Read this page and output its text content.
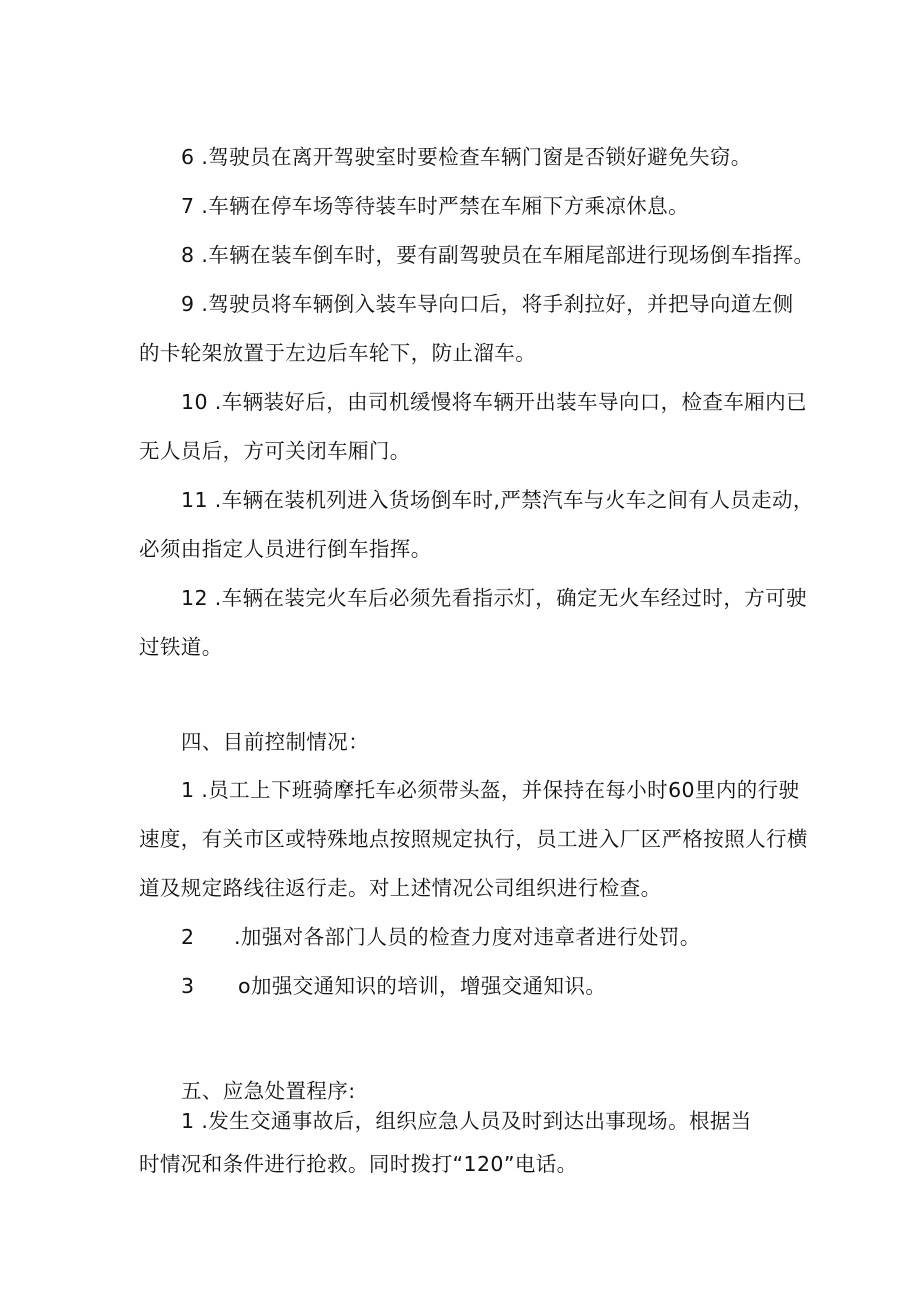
6 .驾驶员在离开驾驶室时要检查车辆门窗是否锁好避免失窃。
7 .车辆在停车场等待装车时严禁在车厢下方乘凉休息。
8 .车辆在装车倒车时，要有副驾驶员在车厢尾部进行现场倒车指挥。
9 .驾驶员将车辆倒入装车导向口后，将手刹拉好，并把导向道左侧
的卡轮架放置于左边后车轮下，防止溜车。
10 .车辆装好后，由司机缓慢将车辆开出装车导向口，检查车厢内已
无人员后，方可关闭车厢门。
11 .车辆在装机列进入货场倒车时,严禁汽车与火车之间有人员走动，
必须由指定人员进行倒车指挥。
12 .车辆在装完火车后必须先看指示灯，确定无火车经过时，方可驶
过铁道。
四、目前控制情况：
1 .员工上下班骑摩托车必须带头盔，并保持在每小时60里内的行驶
速度，有关市区或特殊地点按照规定执行，员工进入厂区严格按照人行横
道及规定路线往返行走。对上述情况公司组织进行检查。
2 .加强对各部门人员的检查力度对违章者进行处罚。
3 o加强交通知识的培训，增强交通知识。
五、应急处置程序:
1 .发生交通事故后，组织应急人员及时到达出事现场。根据当
时情况和条件进行抢救。同时拨打“120”电话。
